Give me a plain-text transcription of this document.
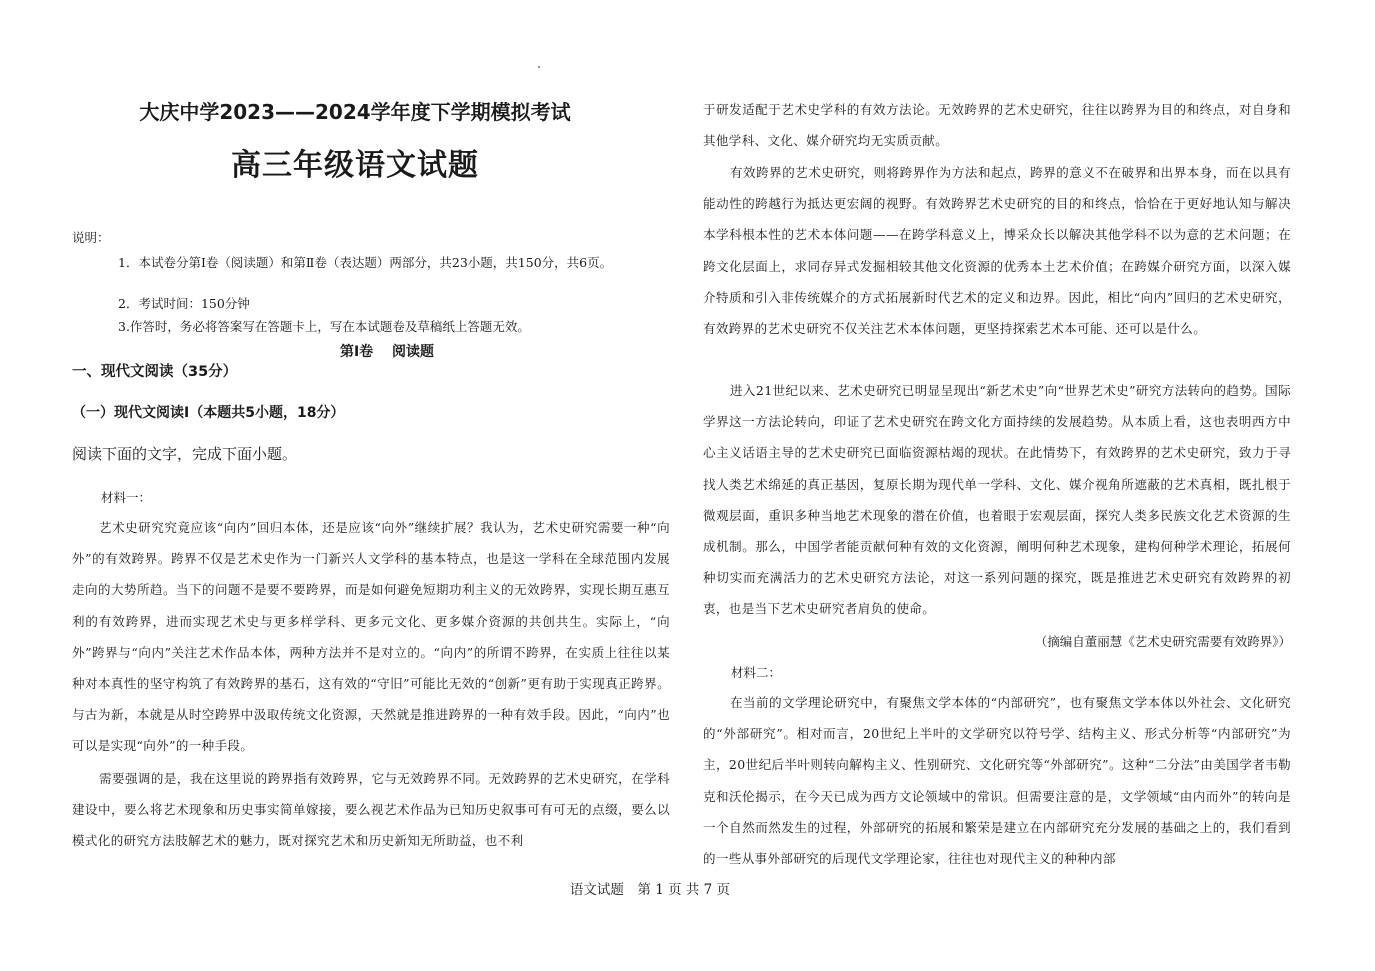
大庆中学2023——2024学年度下学期模拟考试
高三年级语文试题
说明：
1．本试卷分第Ⅰ卷（阅读题）和第Ⅱ卷（表达题）两部分，共23小题，共150分，共6页。
2．考试时间：150分钟
3.作答时，务必将答案写在答题卡上，写在本试题卷及草稿纸上答题无效。
第Ⅰ卷　 阅读题
一、现代文阅读（35分）
（一）现代文阅读Ⅰ（本题共5小题，18分）
阅读下面的文字，完成下面小题。
材料一：

艺术史研究究竟应该“向内”回归本体，还是应该“向外”继续扩展？我认为，艺术史研究需要一种“向外”的有效跨界。跨界不仅是艺术史作为一门新兴人文学科的基本特点，也是这一学科在全球范围内发展走向的大势所趋。当下的问题不是要不要跨界，而是如何避免短期功利主义的无效跨界，实现长期互惠互利的有效跨界，进而实现艺术史与更多样学科、更多元文化、更多媒介资源的共创共生。实际上，“向外”跨界与“向内”关注艺术作品本体，两种方法并不是对立的。“向内”的所谓不跨界，在实质上往往以某种对本真性的坚守构筑了有效跨界的基石，这有效的“守旧”可能比无效的“创新”更有助于实现真正跨界。与古为新，本就是从时空跨界中汲取传统文化资源，天然就是推进跨界的一种有效手段。因此，“向内”也可以是实现“向外”的一种手段。

需要强调的是，我在这里说的跨界指有效跨界，它与无效跨界不同。无效跨界的艺术史研究，在学科建设中，要么将艺术现象和历史事实简单嫁接，要么视艺术作品为已知历史叙事可有可无的点缀，要么以模式化的研究方法肢解艺术的魅力，既对探究艺术和历史新知无所助益，也不利

于研发适配于艺术史学科的有效方法论。无效跨界的艺术史研究，往往以跨界为目的和终点，对自身和其他学科、文化、媒介研究均无实质贡献。

有效跨界的艺术史研究，则将跨界作为方法和起点，跨界的意义不在破界和出界本身，而在以具有能动性的跨越行为抵达更宏阔的视野。有效跨界艺术史研究的目的和终点，恰恰在于更好地认知与解决本学科根本性的艺术本体问题——在跨学科意义上，博采众长以解决其他学科不以为意的艺术问题；在跨文化层面上，求同存异式发掘相较其他文化资源的优秀本土艺术价值；在跨媒介研究方面，以深入媒介特质和引入非传统媒介的方式拓展新时代艺术的定义和边界。因此，相比“向内”回归的艺术史研究，有效跨界的艺术史研究不仅关注艺术本体问题，更坚持探索艺术本可能、还可以是什么。

进入21世纪以来、艺术史研究已明显呈现出“新艺术史”向“世界艺术史”研究方法转向的趋势。国际学界这一方法论转向，印证了艺术史研究在跨文化方面持续的发展趋势。从本质上看，这也表明西方中心主义话语主导的艺术史研究已面临资源枯竭的现状。在此情势下，有效跨界的艺术史研究，致力于寻找人类艺术绵延的真正基因，复原长期为现代单一学科、文化、媒介视角所遮蔽的艺术真相，既扎根于微观层面，重识多种当地艺术现象的潜在价值，也着眼于宏观层面，探究人类多民族文化艺术资源的生成机制。那么，中国学者能贡献何种有效的文化资源，阐明何种艺术现象，建构何种学术理论，拓展何种切实而充满活力的艺术史研究方法论，对这一系列问题的探究，既是推进艺术史研究有效跨界的初衷，也是当下艺术史研究者肩负的使命。

（摘编自董丽慧《艺术史研究需要有效跨界》）
材料二：

在当前的文学理论研究中，有聚焦文学本体的“内部研究”，也有聚焦文学本体以外社会、文化研究的“外部研究”。相对而言，20世纪上半叶的文学研究以符号学、结构主义、形式分析等“内部研究”为主，20世纪后半叶则转向解构主义、性别研究、文化研究等“外部研究”。这种“二分法”由美国学者韦勒克和沃伦揭示，在今天已成为西方文论领域中的常识。但需要注意的是，文学领域“由内而外”的转向是一个自然而然发生的过程，外部研究的拓展和繁荣是建立在内部研究充分发展的基础之上的，我们看到的一些从事外部研究的后现代文学理论家，往往也对现代主义的种种内部

语文试题　第 1 页 共 7 页
